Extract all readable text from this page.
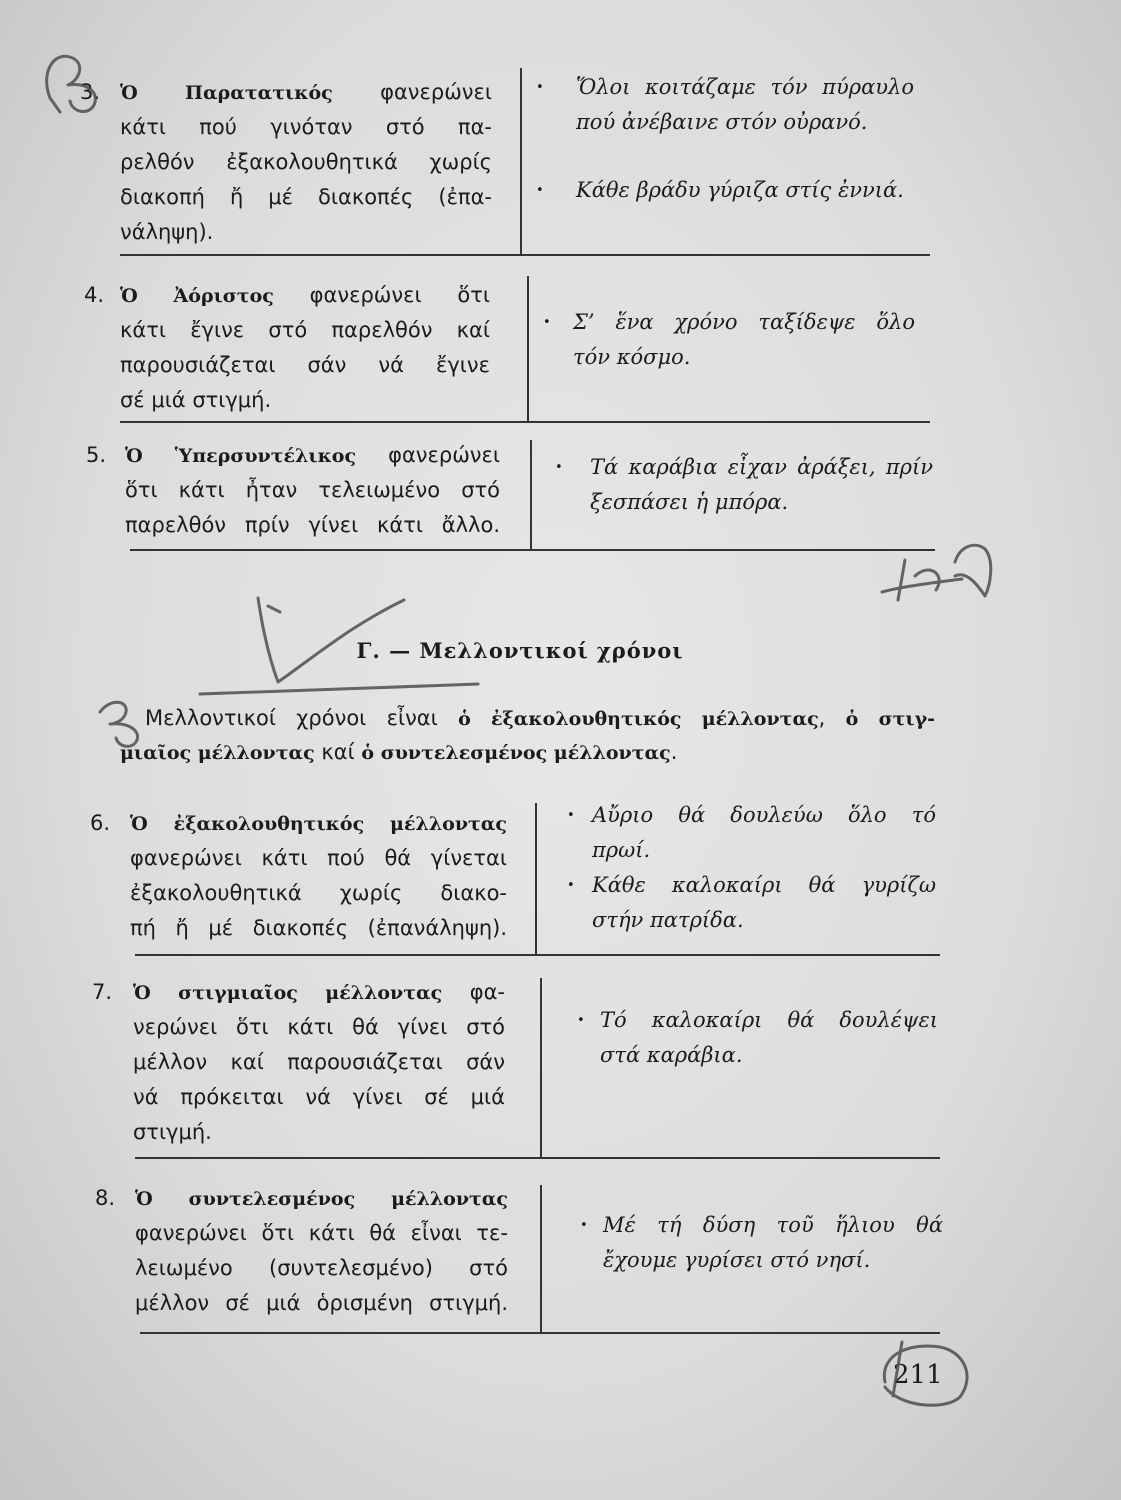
3. Ὁ Παρατατικός φανερώνει
κάτι πού γινόταν στό πα-
ρελθόν ἐξακολουθητικά χωρίς
διακοπή ἤ μέ διακοπές (ἐπα-
νάληψη).
•
Ὅλοι κοιτάζαμε τόν πύραυλο
πού ἀνέβαινε στόν οὐρανό.
•
Κάθε βράδυ γύριζα στίς ἐννιά.
4. Ὁ Ἀόριστος φανερώνει ὅτι
κάτι ἔγινε στό παρελθόν καί
παρουσιάζεται σάν νά ἔγινε
σέ μιά στιγμή.
•
Σ’ ἕνα χρόνο ταξίδεψε ὅλο
τόν κόσμο.
5. Ὁ Ὑπερσυντέλικος φανερώνει
ὅτι κάτι ἦταν τελειωμένο στό
παρελθόν πρίν γίνει κάτι ἄλλο.
•
Τά καράβια εἶχαν ἀράξει, πρίν
ξεσπάσει ἡ μπόρα.
Γ. — Μελλοντικοί χρόνοι
Μελλοντικοί χρόνοι εἶναι ὁ ἐξακολουθητικός μέλλοντας, ὁ στιγ-
μιαῖος μέλλοντας καί ὁ συντελεσμένος μέλλοντας.
6. Ὁ ἐξακολουθητικός μέλλοντας
φανερώνει κάτι πού θά γίνεται
ἐξακολουθητικά χωρίς διακο-
πή ἤ μέ διακοπές (ἐπανάληψη).
•
Αὔριο θά δουλεύω ὅλο τό
πρωί.
•
Κάθε καλοκαίρι θά γυρίζω
στήν πατρίδα.
7. Ὁ στιγμιαῖος μέλλοντας φα-
νερώνει ὅτι κάτι θά γίνει στό
μέλλον καί παρουσιάζεται σάν
νά πρόκειται νά γίνει σέ μιά
στιγμή.
•
Τό καλοκαίρι θά δουλέψει
στά καράβια.
8. Ὁ συντελεσμένος μέλλοντας
φανερώνει ὅτι κάτι θά εἶναι τε-
λειωμένο (συντελεσμένο) στό
μέλλον σέ μιά ὁρισμένη στιγμή.
•
Μέ τή δύση τοῦ ἥλιου θά
ἔχουμε γυρίσει στό νησί.
211
